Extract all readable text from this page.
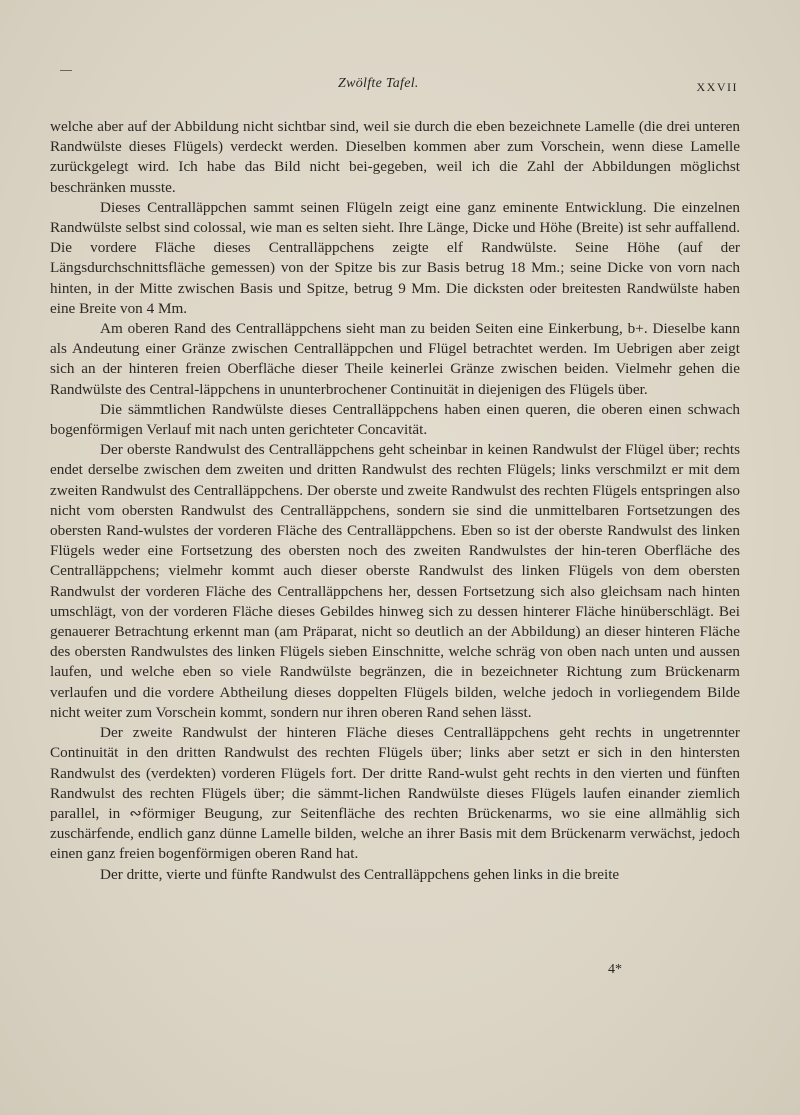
Zwölfte Tafel.	XXVII

welche aber auf der Abbildung nicht sichtbar sind, weil sie durch die eben bezeichnete Lamelle (die drei unteren Randwülste dieses Flügels) verdeckt werden. Dieselben kommen aber zum Vorschein, wenn diese Lamelle zurückgelegt wird. Ich habe das Bild nicht bei-gegeben, weil ich die Zahl der Abbildungen möglichst beschränken musste.

Dieses Centralläppchen sammt seinen Flügeln zeigt eine ganz eminente Entwicklung. Die einzelnen Randwülste selbst sind colossal, wie man es selten sieht. Ihre Länge, Dicke und Höhe (Breite) ist sehr auffallend. Die vordere Fläche dieses Centralläppchens zeigte elf Randwülste. Seine Höhe (auf der Längsdurchschnittsfläche gemessen) von der Spitze bis zur Basis betrug 18 Mm.; seine Dicke von vorn nach hinten, in der Mitte zwischen Basis und Spitze, betrug 9 Mm. Die dicksten oder breitesten Randwülste haben eine Breite von 4 Mm.

Am oberen Rand des Centralläppchens sieht man zu beiden Seiten eine Einkerbung, b+. Dieselbe kann als Andeutung einer Gränze zwischen Centralläppchen und Flügel betrachtet werden. Im Uebrigen aber zeigt sich an der hinteren freien Oberfläche dieser Theile keinerlei Gränze zwischen beiden. Vielmehr gehen die Randwülste des Central-läppchens in ununterbrochener Continuität in diejenigen des Flügels über.

Die sämmtlichen Randwülste dieses Centralläppchens haben einen queren, die oberen einen schwach bogenförmigen Verlauf mit nach unten gerichteter Concavität.

Der oberste Randwulst des Centralläppchens geht scheinbar in keinen Randwulst der Flügel über; rechts endet derselbe zwischen dem zweiten und dritten Randwulst des rechten Flügels; links verschmilzt er mit dem zweiten Randwulst des Centralläppchens. Der oberste und zweite Randwulst des rechten Flügels entspringen also nicht vom obersten Randwulst des Centralläppchens, sondern sie sind die unmittelbaren Fortsetzungen des obersten Rand-wulstes der vorderen Fläche des Centralläppchens. Eben so ist der oberste Randwulst des linken Flügels weder eine Fortsetzung des obersten noch des zweiten Randwulstes der hin-teren Oberfläche des Centralläppchens; vielmehr kommt auch dieser oberste Randwulst des linken Flügels von dem obersten Randwulst der vorderen Fläche des Centralläppchens her, dessen Fortsetzung sich also gleichsam nach hinten umschlägt, von der vorderen Fläche dieses Gebildes hinweg sich zu dessen hinterer Fläche hinüberschlägt. Bei genauerer Betrachtung erkennt man (am Präparat, nicht so deutlich an der Abbildung) an dieser hinteren Fläche des obersten Randwulstes des linken Flügels sieben Einschnitte, welche schräg von oben nach unten und aussen laufen, und welche eben so viele Randwülste begränzen, die in bezeichneter Richtung zum Brückenarm verlaufen und die vordere Abtheilung dieses doppelten Flügels bilden, welche jedoch in vorliegendem Bilde nicht weiter zum Vorschein kommt, sondern nur ihren oberen Rand sehen lässt.

Der zweite Randwulst der hinteren Fläche dieses Centralläppchens geht rechts in ungetrennter Continuität in den dritten Randwulst des rechten Flügels über; links aber setzt er sich in den hintersten Randwulst des (verdekten) vorderen Flügels fort. Der dritte Rand-wulst geht rechts in den vierten und fünften Randwulst des rechten Flügels über; die sämmt-lichen Randwülste dieses Flügels laufen einander ziemlich parallel, in ∾förmiger Beugung, zur Seitenfläche des rechten Brückenarms, wo sie eine allmählig sich zuschärfende, endlich ganz dünne Lamelle bilden, welche an ihrer Basis mit dem Brückenarm verwächst, jedoch einen ganz freien bogenförmigen oberen Rand hat.

Der dritte, vierte und fünfte Randwulst des Centralläppchens gehen links in die breite

4*
